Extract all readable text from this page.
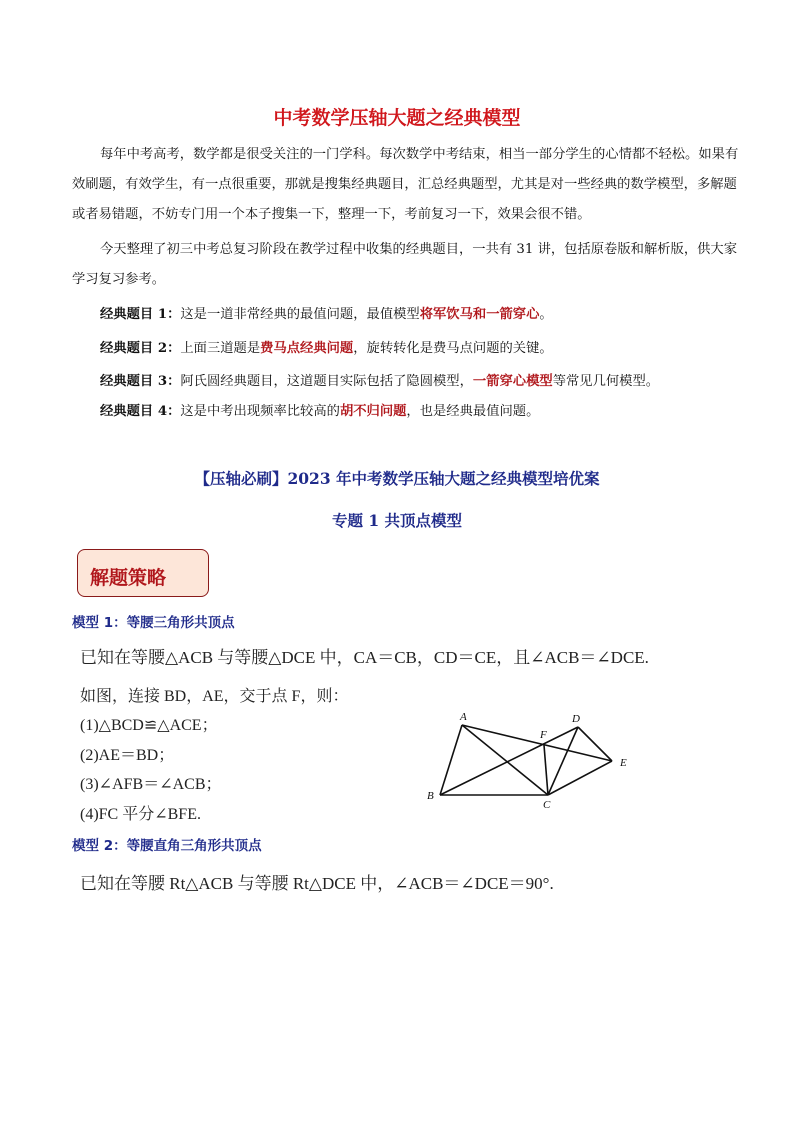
中考数学压轴大题之经典模型
每年中考高考，数学都是很受关注的一门学科。每次数学中考结束，相当一部分学生的心情都不轻松。如果有效刷题，有效学生，有一点很重要，那就是搜集经典题目，汇总经典题型，尤其是对一些经典的数学模型，多解题或者易错题，不妨专门用一个本子搜集一下，整理一下，考前复习一下，效果会很不错。
今天整理了初三中考总复习阶段在教学过程中收集的经典题目，一共有 31 讲，包括原卷版和解析版，供大家学习复习参考。
经典题目 1：这是一道非常经典的最值问题，最值模型将军饮马和一箭穿心。
经典题目 2：上面三道题是费马点经典问题，旋转转化是费马点问题的关键。
经典题目 3：阿氏圆经典题目，这道题目实际包括了隐圆模型，一箭穿心模型等常见几何模型。
经典题目 4：这是中考出现频率比较高的胡不归问题，也是经典最值问题。
【压轴必刷】2023 年中考数学压轴大题之经典模型培优案
专题 1 共顶点模型
解题策略
模型 1：等腰三角形共顶点
已知在等腰△ACB 与等腰△DCE 中，CA＝CB，CD＝CE，且∠ACB＝∠DCE.
如图，连接 BD，AE，交于点 F，则：
(1)△BCD≌△ACE；
(2)AE＝BD；
(3)∠AFB＝∠ACB；
(4)FC 平分∠BFE.
A
B
C
D
E
F
模型 2：等腰直角三角形共顶点
已知在等腰 Rt△ACB 与等腰 Rt△DCE 中，∠ACB＝∠DCE＝90°.
